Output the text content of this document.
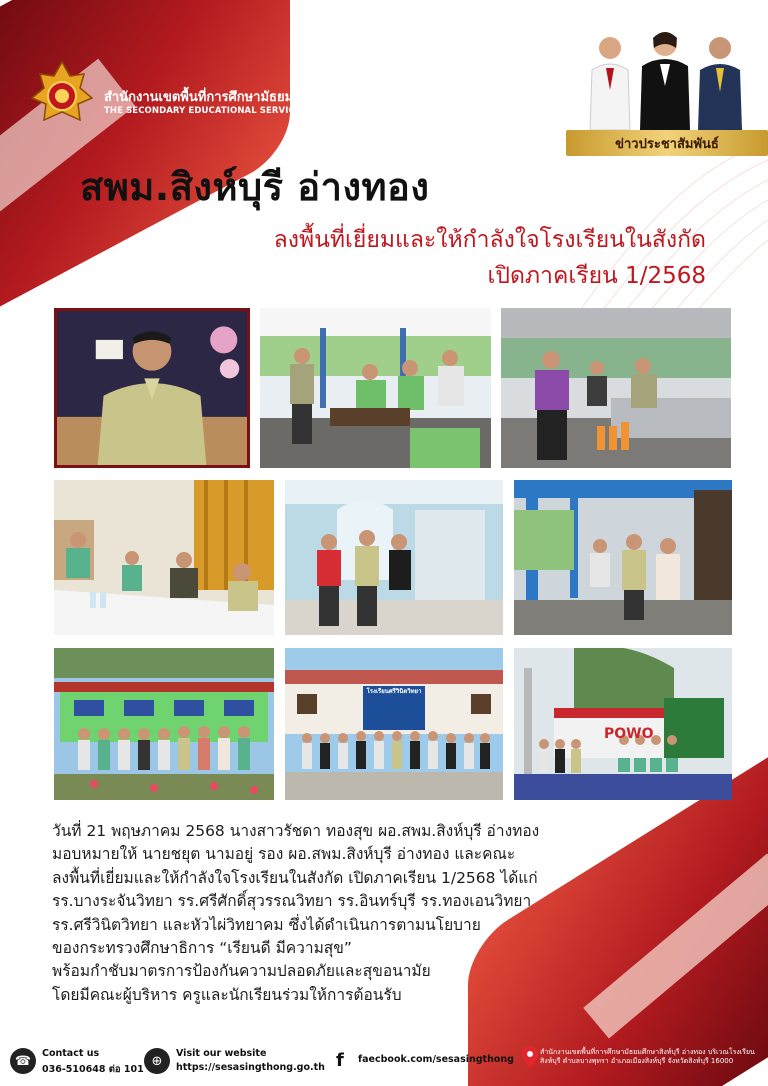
สำนักงานเขตพื้นที่การศึกษามัธยมศึกษาสิงห์บุรี อ่างทอง
THE SECONDARY EDUCATIONAL SERVICE AREA OFFICE SINGBURI ANGTHONG
ข่าวประชาสัมพันธ์
สพม.สิงห์บุรี อ่างทอง
ลงพื้นที่เยี่ยมและให้กำลังใจโรงเรียนในสังกัด
เปิดภาคเรียน 1/2568
โรงเรียนศรีวินิตวิทยา
POWO
วันที่ 21 พฤษภาคม 2568 นางสาวรัชดา ทองสุข ผอ.สพม.สิงห์บุรี อ่างทอง
มอบหมายให้ นายชยุต นามอยู่ รอง ผอ.สพม.สิงห์บุรี อ่างทอง และคณะ
ลงพื้นที่เยี่ยมและให้กำลังใจโรงเรียนในสังกัด เปิดภาคเรียน 1/2568 ได้แก่
รร.บางระจันวิทยา รร.ศรีศักดิ์สุวรรณวิทยา รร.อินทร์บุรี รร.ทองเอนวิทยา
รร.ศรีวินิตวิทยา และหัวไผ่วิทยาคม ซึ่งได้ดำเนินการตามนโยบาย
ของกระทรวงศึกษาธิการ “เรียนดี มีความสุข”
พร้อมกำชับมาตรการป้องกันความปลอดภัยและสุขอนามัย
โดยมีคณะผู้บริหาร ครูและนักเรียนร่วมให้การต้อนรับ
☎	Contact us
036-510648 ต่อ 101
⊕	Visit our website
https://sesasingthong.go.th f faecbook.com/sesasingthong
สำนักงานเขตพื้นที่การศึกษามัธยมศึกษาสิงห์บุรี อ่างทอง บริเวณโรงเรียนสิงห์บุรี ตำบลบางพุทรา อำเภอเมืองสิงห์บุรี จังหวัดสิงห์บุรี 16000
